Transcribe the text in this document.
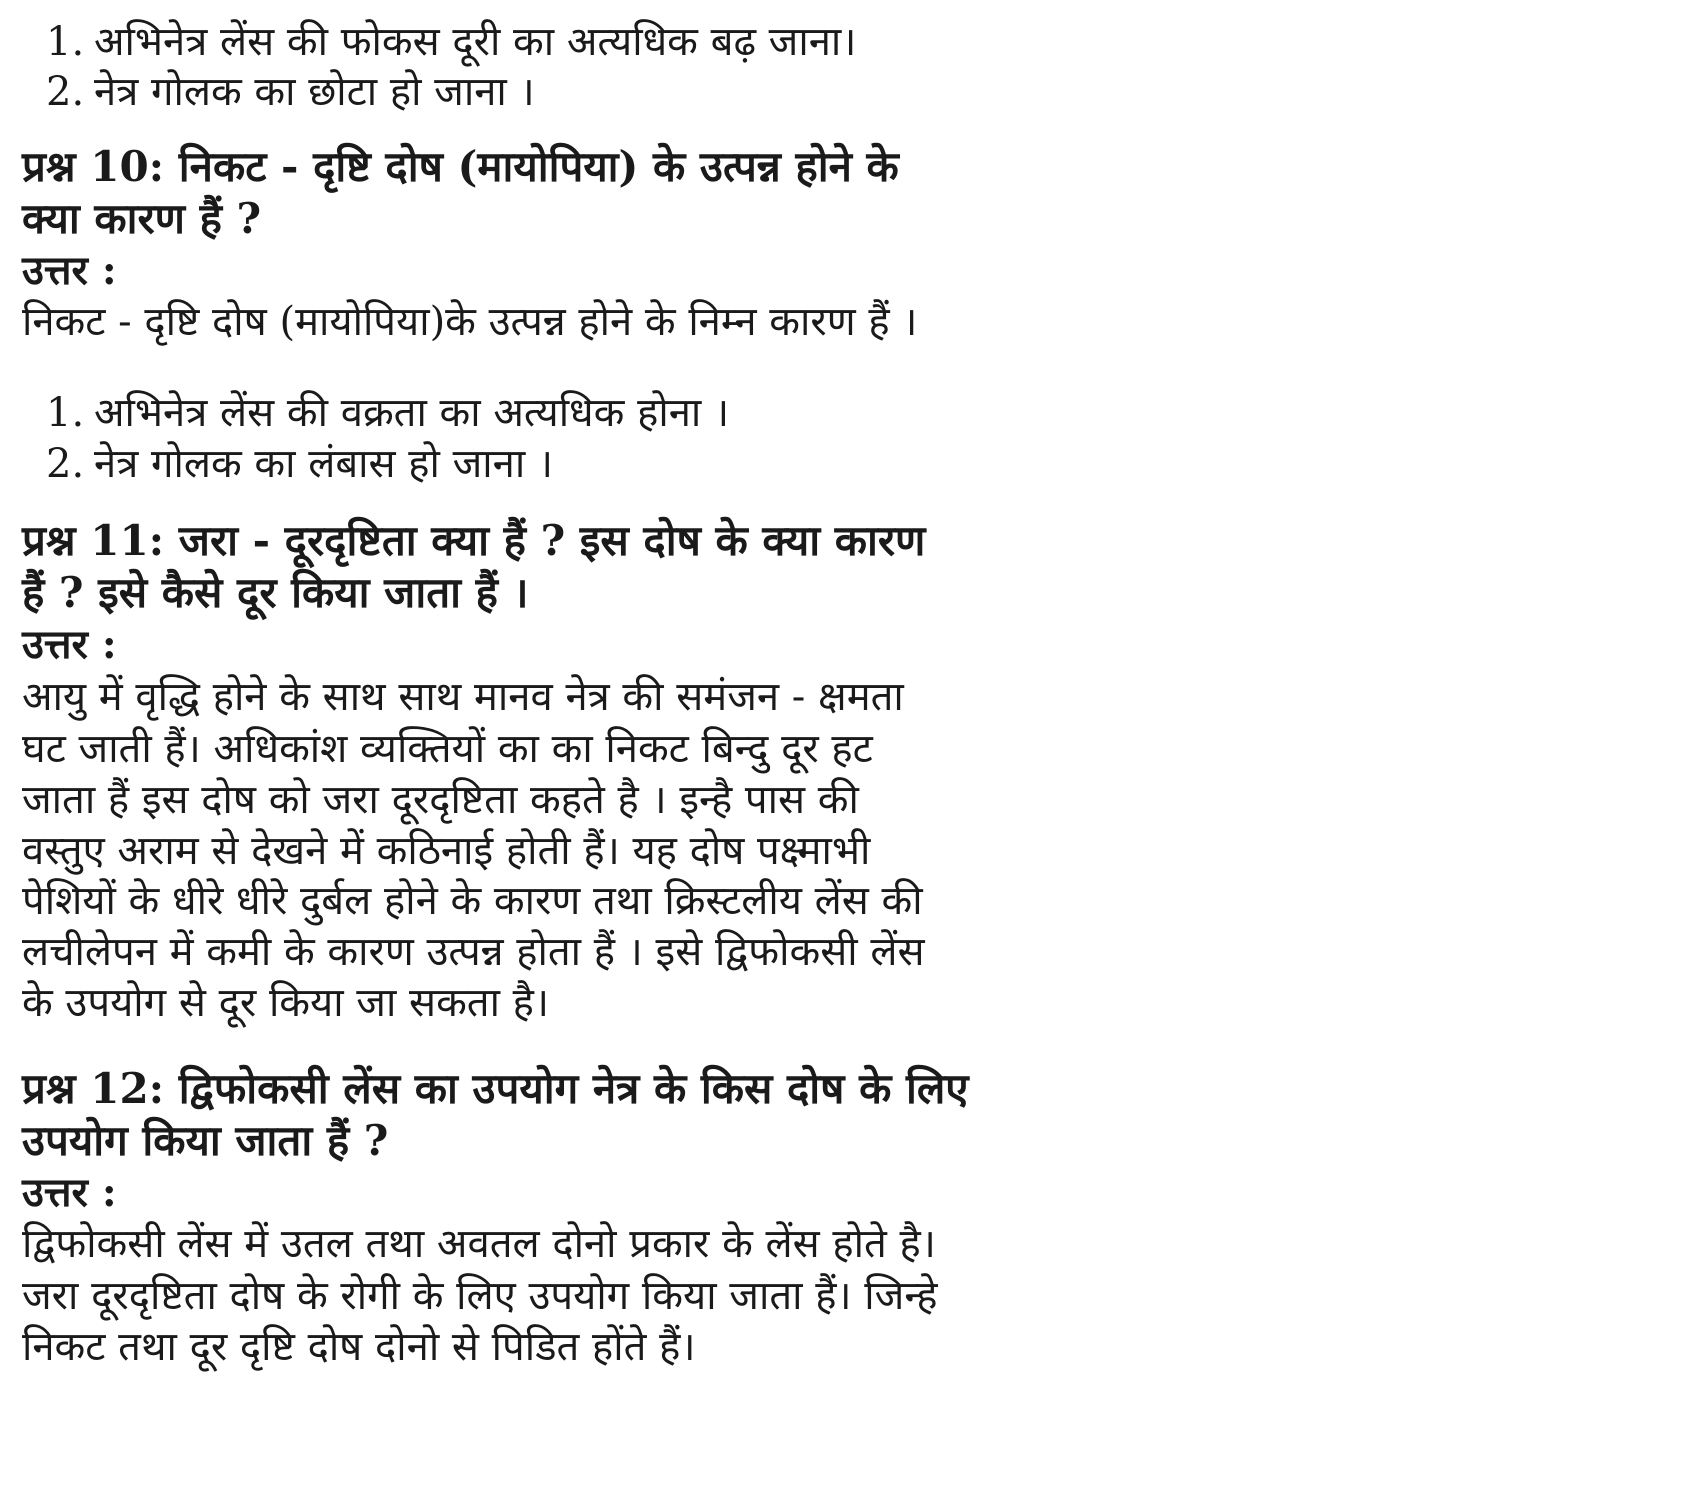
1. अभिनेत्र लेंस की फोकस दूरी का अत्यधिक बढ़ जाना।
2. नेत्र गोलक का छोटा हो जाना ।
प्रश्न 10: निकट - दृष्टि दोष (मायोपिया) के उत्पन्न होने के
क्या कारण हैं ?
उत्तर :
निकट - दृष्टि दोष (मायोपिया)के उत्पन्न होने के निम्न कारण हैं ।
1. अभिनेत्र लेंस की वक्रता का अत्यधिक होना ।
2. नेत्र गोलक का लंबास हो जाना ।
प्रश्न 11: जरा - दूरदृष्टिता क्या हैं ? इस दोष के क्या कारण
हैं ? इसे कैसे दूर किया जाता हैं ।
उत्तर :
आयु में वृद्धि होने के साथ साथ मानव नेत्र की समंजन - क्षमता
घट जाती हैं। अधिकांश व्यक्तियों का का निकट बिन्दु दूर हट
जाता हैं इस दोष को जरा दूरदृष्टिता कहते है । इन्है पास की
वस्तुए अराम से देखने में कठिनाई होती हैं। यह दोष पक्ष्माभी
पेशियों के धीरे धीरे दुर्बल होने के कारण तथा क्रिस्टलीय लेंस की
लचीलेपन में कमी के कारण उत्पन्न होता हैं । इसे द्विफोकसी लेंस
के उपयोग से दूर किया जा सकता है।
प्रश्न 12: द्विफोकसी लेंस का उपयोग नेत्र के किस दोष के लिए
उपयोग किया जाता हैं ?
उत्तर :
द्विफोकसी लेंस में उतल तथा अवतल दोनो प्रकार के लेंस होते है।
जरा दूरदृष्टिता दोष के रोगी के लिए उपयोग किया जाता हैं। जिन्हे
निकट तथा दूर दृष्टि दोष दोनो से पिडित होंते हैं।
